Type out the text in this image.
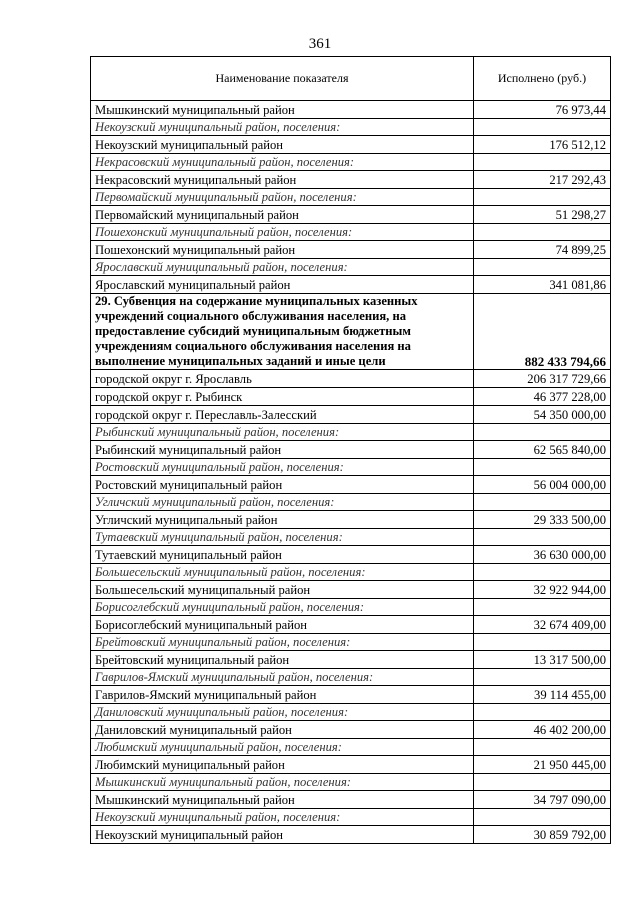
361
Наименование показателя	Исполнено (руб.)
Мышкинский муниципальный район	76 973,44
Некоузский муниципальный район, поселения:	
Некоузский муниципальный район	176 512,12
Некрасовский муниципальный район, поселения:	
Некрасовский муниципальный район	217 292,43
Первомайский муниципальный район, поселения:	
Первомайский муниципальный район	51 298,27
Пошехонский муниципальный район, поселения:	
Пошехонский муниципальный район	74 899,25
Ярославский муниципальный район, поселения:	
Ярославский муниципальный район	341 081,86
29. Субвенция на содержание муниципальных казенных учреждений социального обслуживания населения, на предоставление субсидий муниципальным бюджетным учреждениям социального обслуживания населения на выполнение муниципальных заданий и иные цели	882 433 794,66
городской округ г. Ярославль	206 317 729,66
городской округ г. Рыбинск	46 377 228,00
городской округ г. Переславль-Залесский	54 350 000,00
Рыбинский муниципальный район, поселения:	
Рыбинский муниципальный район	62 565 840,00
Ростовский муниципальный район, поселения:	
Ростовский муниципальный район	56 004 000,00
Угличский муниципальный район, поселения:	
Угличский муниципальный район	29 333 500,00
Тутаевский муниципальный район, поселения:	
Тутаевский муниципальный район	36 630 000,00
Большесельский муниципальный район, поселения:	
Большесельский муниципальный район	32 922 944,00
Борисоглебский муниципальный район, поселения:	
Борисоглебский муниципальный район	32 674 409,00
Брейтовский муниципальный район, поселения:	
Брейтовский муниципальный район	13 317 500,00
Гаврилов-Ямский муниципальный район, поселения:	
Гаврилов-Ямский муниципальный район	39 114 455,00
Даниловский муниципальный район, поселения:	
Даниловский муниципальный район	46 402 200,00
Любимский муниципальный район, поселения:	
Любимский муниципальный район	21 950 445,00
Мышкинский муниципальный район, поселения:	
Мышкинский муниципальный район	34 797 090,00
Некоузский муниципальный район, поселения:	
Некоузский муниципальный район	30 859 792,00
